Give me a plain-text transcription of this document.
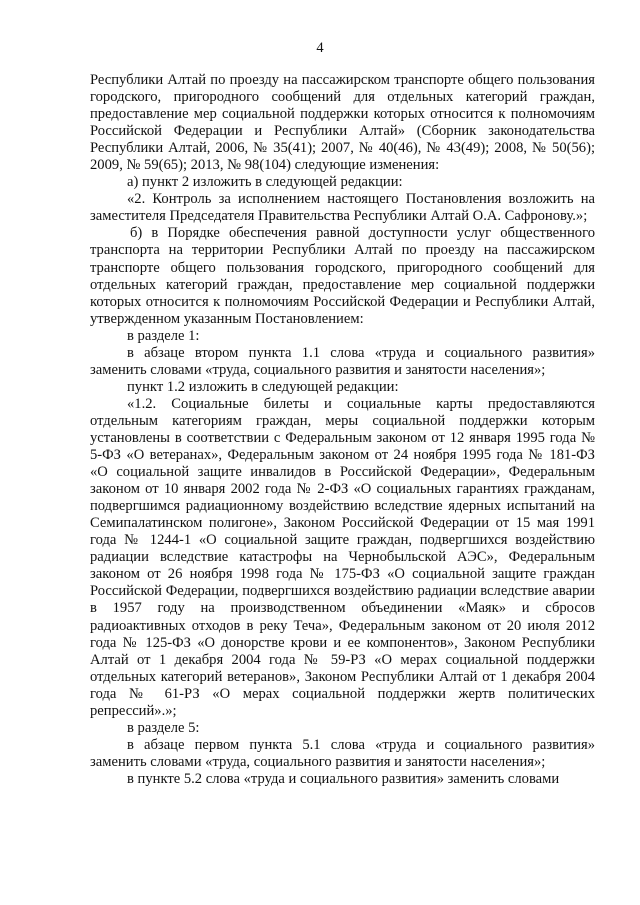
4

Республики Алтай по проезду на пассажирском транспорте общего пользования городского, пригородного сообщений для отдельных категорий граждан, предоставление мер социальной поддержки которых относится к полномочиям Российской Федерации и Республики Алтай» (Сборник законодательства Республики Алтай, 2006, № 35(41); 2007, № 40(46), № 43(49); 2008, № 50(56); 2009, № 59(65); 2013, № 98(104) следующие изменения:

а) пункт 2 изложить в следующей редакции:

«2. Контроль за исполнением настоящего Постановления возложить на заместителя Председателя Правительства Республики Алтай О.А. Сафронову.»;

б) в Порядке обеспечения равной доступности услуг общественного транспорта на территории Республики Алтай по проезду на пассажирском транспорте общего пользования городского, пригородного сообщений для отдельных категорий граждан, предоставление мер социальной поддержки которых относится к полномочиям Российской Федерации и Республики Алтай, утвержденном указанным Постановлением:

в разделе 1:

в абзаце втором пункта 1.1 слова «труда и социального развития» заменить словами «труда, социального развития и занятости населения»;

пункт 1.2 изложить в следующей редакции:

«1.2. Социальные билеты и социальные карты предоставляются отдельным категориям граждан, меры социальной поддержки которым установлены в соответствии с Федеральным законом от 12 января 1995 года № 5-ФЗ «О ветеранах», Федеральным законом от 24 ноября 1995 года № 181-ФЗ «О социальной защите инвалидов в Российской Федерации», Федеральным законом от 10 января 2002 года № 2-ФЗ «О социальных гарантиях гражданам, подвергшимся радиационному воздействию вследствие ядерных испытаний на Семипалатинском полигоне», Законом Российской Федерации от 15 мая 1991 года № 1244-1 «О социальной защите граждан, подвергшихся воздействию радиации вследствие катастрофы на Чернобыльской АЭС», Федеральным законом от 26 ноября 1998 года № 175-ФЗ «О социальной защите граждан Российской Федерации, подвергшихся воздействию радиации вследствие аварии в 1957 году на производственном объединении «Маяк» и сбросов радиоактивных отходов в реку Теча», Федеральным законом от 20 июля 2012 года № 125-ФЗ «О донорстве крови и ее компонентов», Законом Республики Алтай от 1 декабря 2004 года № 59-РЗ «О мерах социальной поддержки отдельных категорий ветеранов», Законом Республики Алтай от 1 декабря 2004 года № 61-РЗ «О мерах социальной поддержки жертв политических репрессий».»;

в разделе 5:

в абзаце первом пункта 5.1 слова «труда и социального развития» заменить словами «труда, социального развития и занятости населения»;

в пункте 5.2 слова «труда и социального развития» заменить словами
